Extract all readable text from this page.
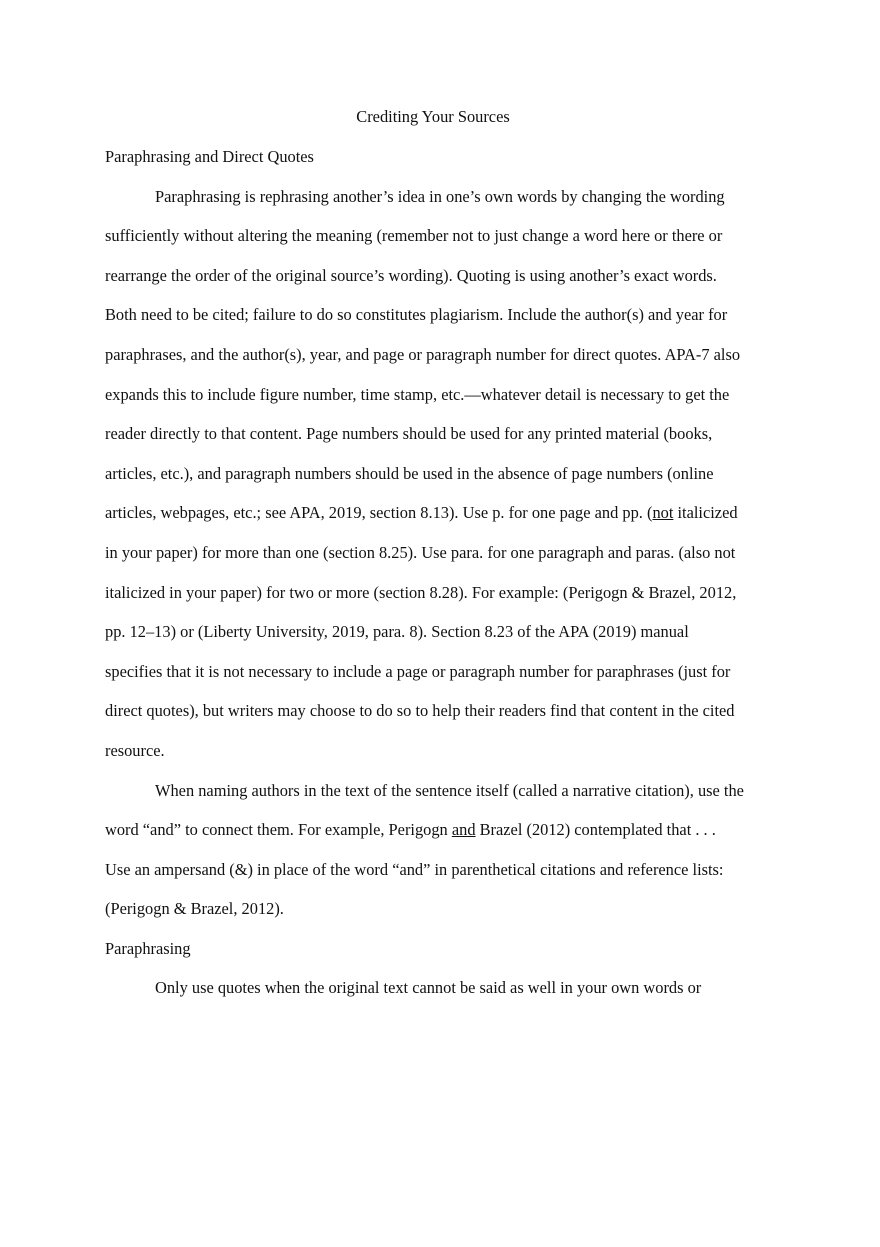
Crediting Your Sources
Paraphrasing and Direct Quotes
Paraphrasing is rephrasing another’s idea in one’s own words by changing the wording
sufficiently without altering the meaning (remember not to just change a word here or there or
rearrange the order of the original source’s wording). Quoting is using another’s exact words.
Both need to be cited; failure to do so constitutes plagiarism. Include the author(s) and year for
paraphrases, and the author(s), year, and page or paragraph number for direct quotes. APA-7 also
expands this to include figure number, time stamp, etc.—whatever detail is necessary to get the
reader directly to that content. Page numbers should be used for any printed material (books,
articles, etc.), and paragraph numbers should be used in the absence of page numbers (online
articles, webpages, etc.; see APA, 2019, section 8.13). Use p. for one page and pp. (not italicized
in your paper) for more than one (section 8.25). Use para. for one paragraph and paras. (also not
italicized in your paper) for two or more (section 8.28). For example: (Perigogn & Brazel, 2012,
pp. 12–13) or (Liberty University, 2019, para. 8). Section 8.23 of the APA (2019) manual
specifies that it is not necessary to include a page or paragraph number for paraphrases (just for
direct quotes), but writers may choose to do so to help their readers find that content in the cited
resource.
When naming authors in the text of the sentence itself (called a narrative citation), use the
word “and” to connect them. For example, Perigogn and Brazel (2012) contemplated that . . .
Use an ampersand (&) in place of the word “and” in parenthetical citations and reference lists:
(Perigogn & Brazel, 2012).
Paraphrasing
Only use quotes when the original text cannot be said as well in your own words or
